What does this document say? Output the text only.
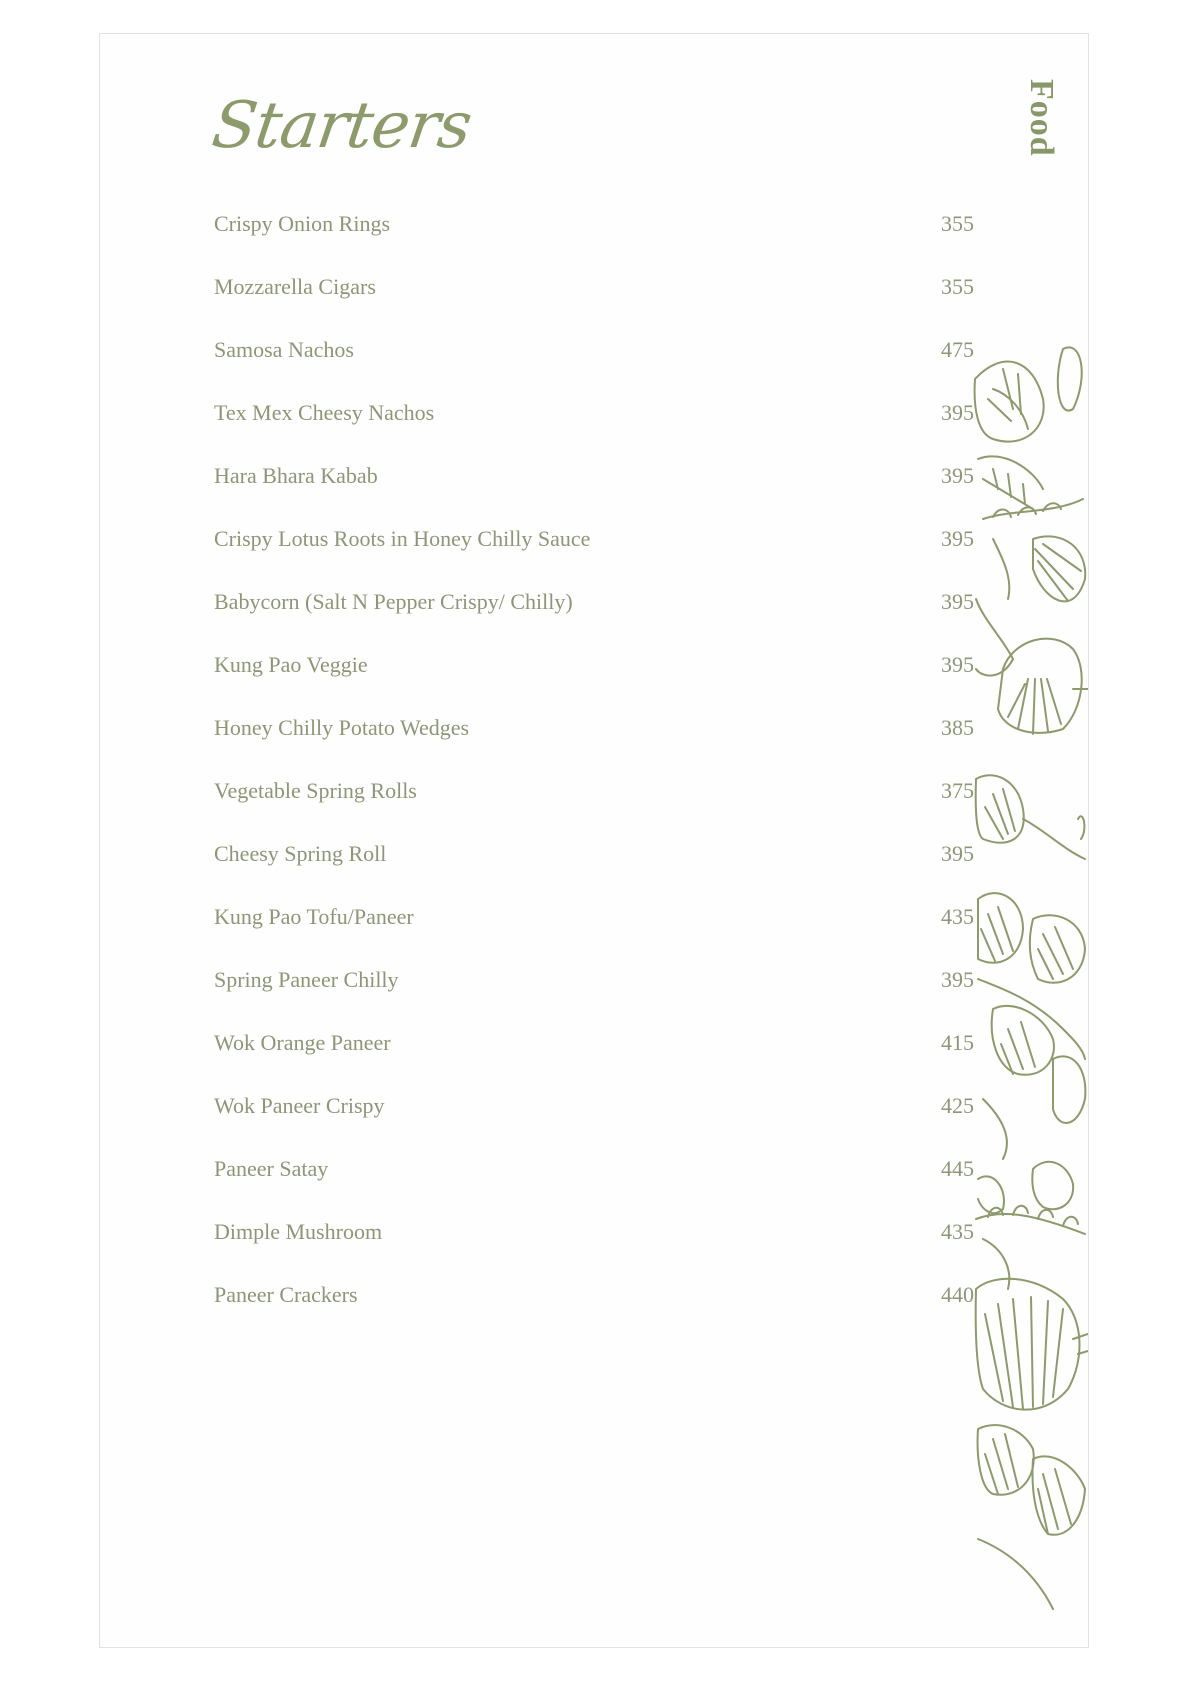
Starters	Food
Crispy Onion Rings	355
Mozzarella Cigars	355
Samosa Nachos	475
Tex Mex Cheesy Nachos	395
Hara Bhara Kabab	395
Crispy Lotus Roots in Honey Chilly Sauce	395
Babycorn (Salt N Pepper Crispy/ Chilly)	395
Kung Pao Veggie	395
Honey Chilly Potato Wedges	385
Vegetable Spring Rolls	375
Cheesy Spring Roll	395
Kung Pao Tofu/Paneer	435
Spring Paneer Chilly	395
Wok Orange Paneer	415
Wok Paneer Crispy	425
Paneer Satay	445
Dimple Mushroom	435
Paneer Crackers	440
